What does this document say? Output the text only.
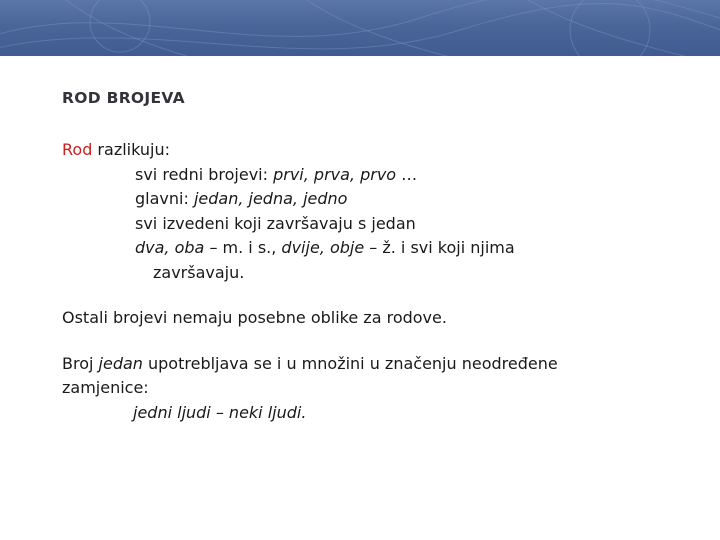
ROD BROJEVA
Rod razlikuju:
svi redni brojevi: prvi, prva, prvo …
glavni: jedan, jedna, jedno
svi izvedeni koji završavaju s jedan
dva, oba – m. i s., dvije, obje – ž. i svi koji njima
završavaju.
Ostali brojevi nemaju posebne oblike za rodove.
Broj jedan upotrebljava se i u množini u značenju neodređene
zamjenice:
jedni ljudi – neki ljudi.
